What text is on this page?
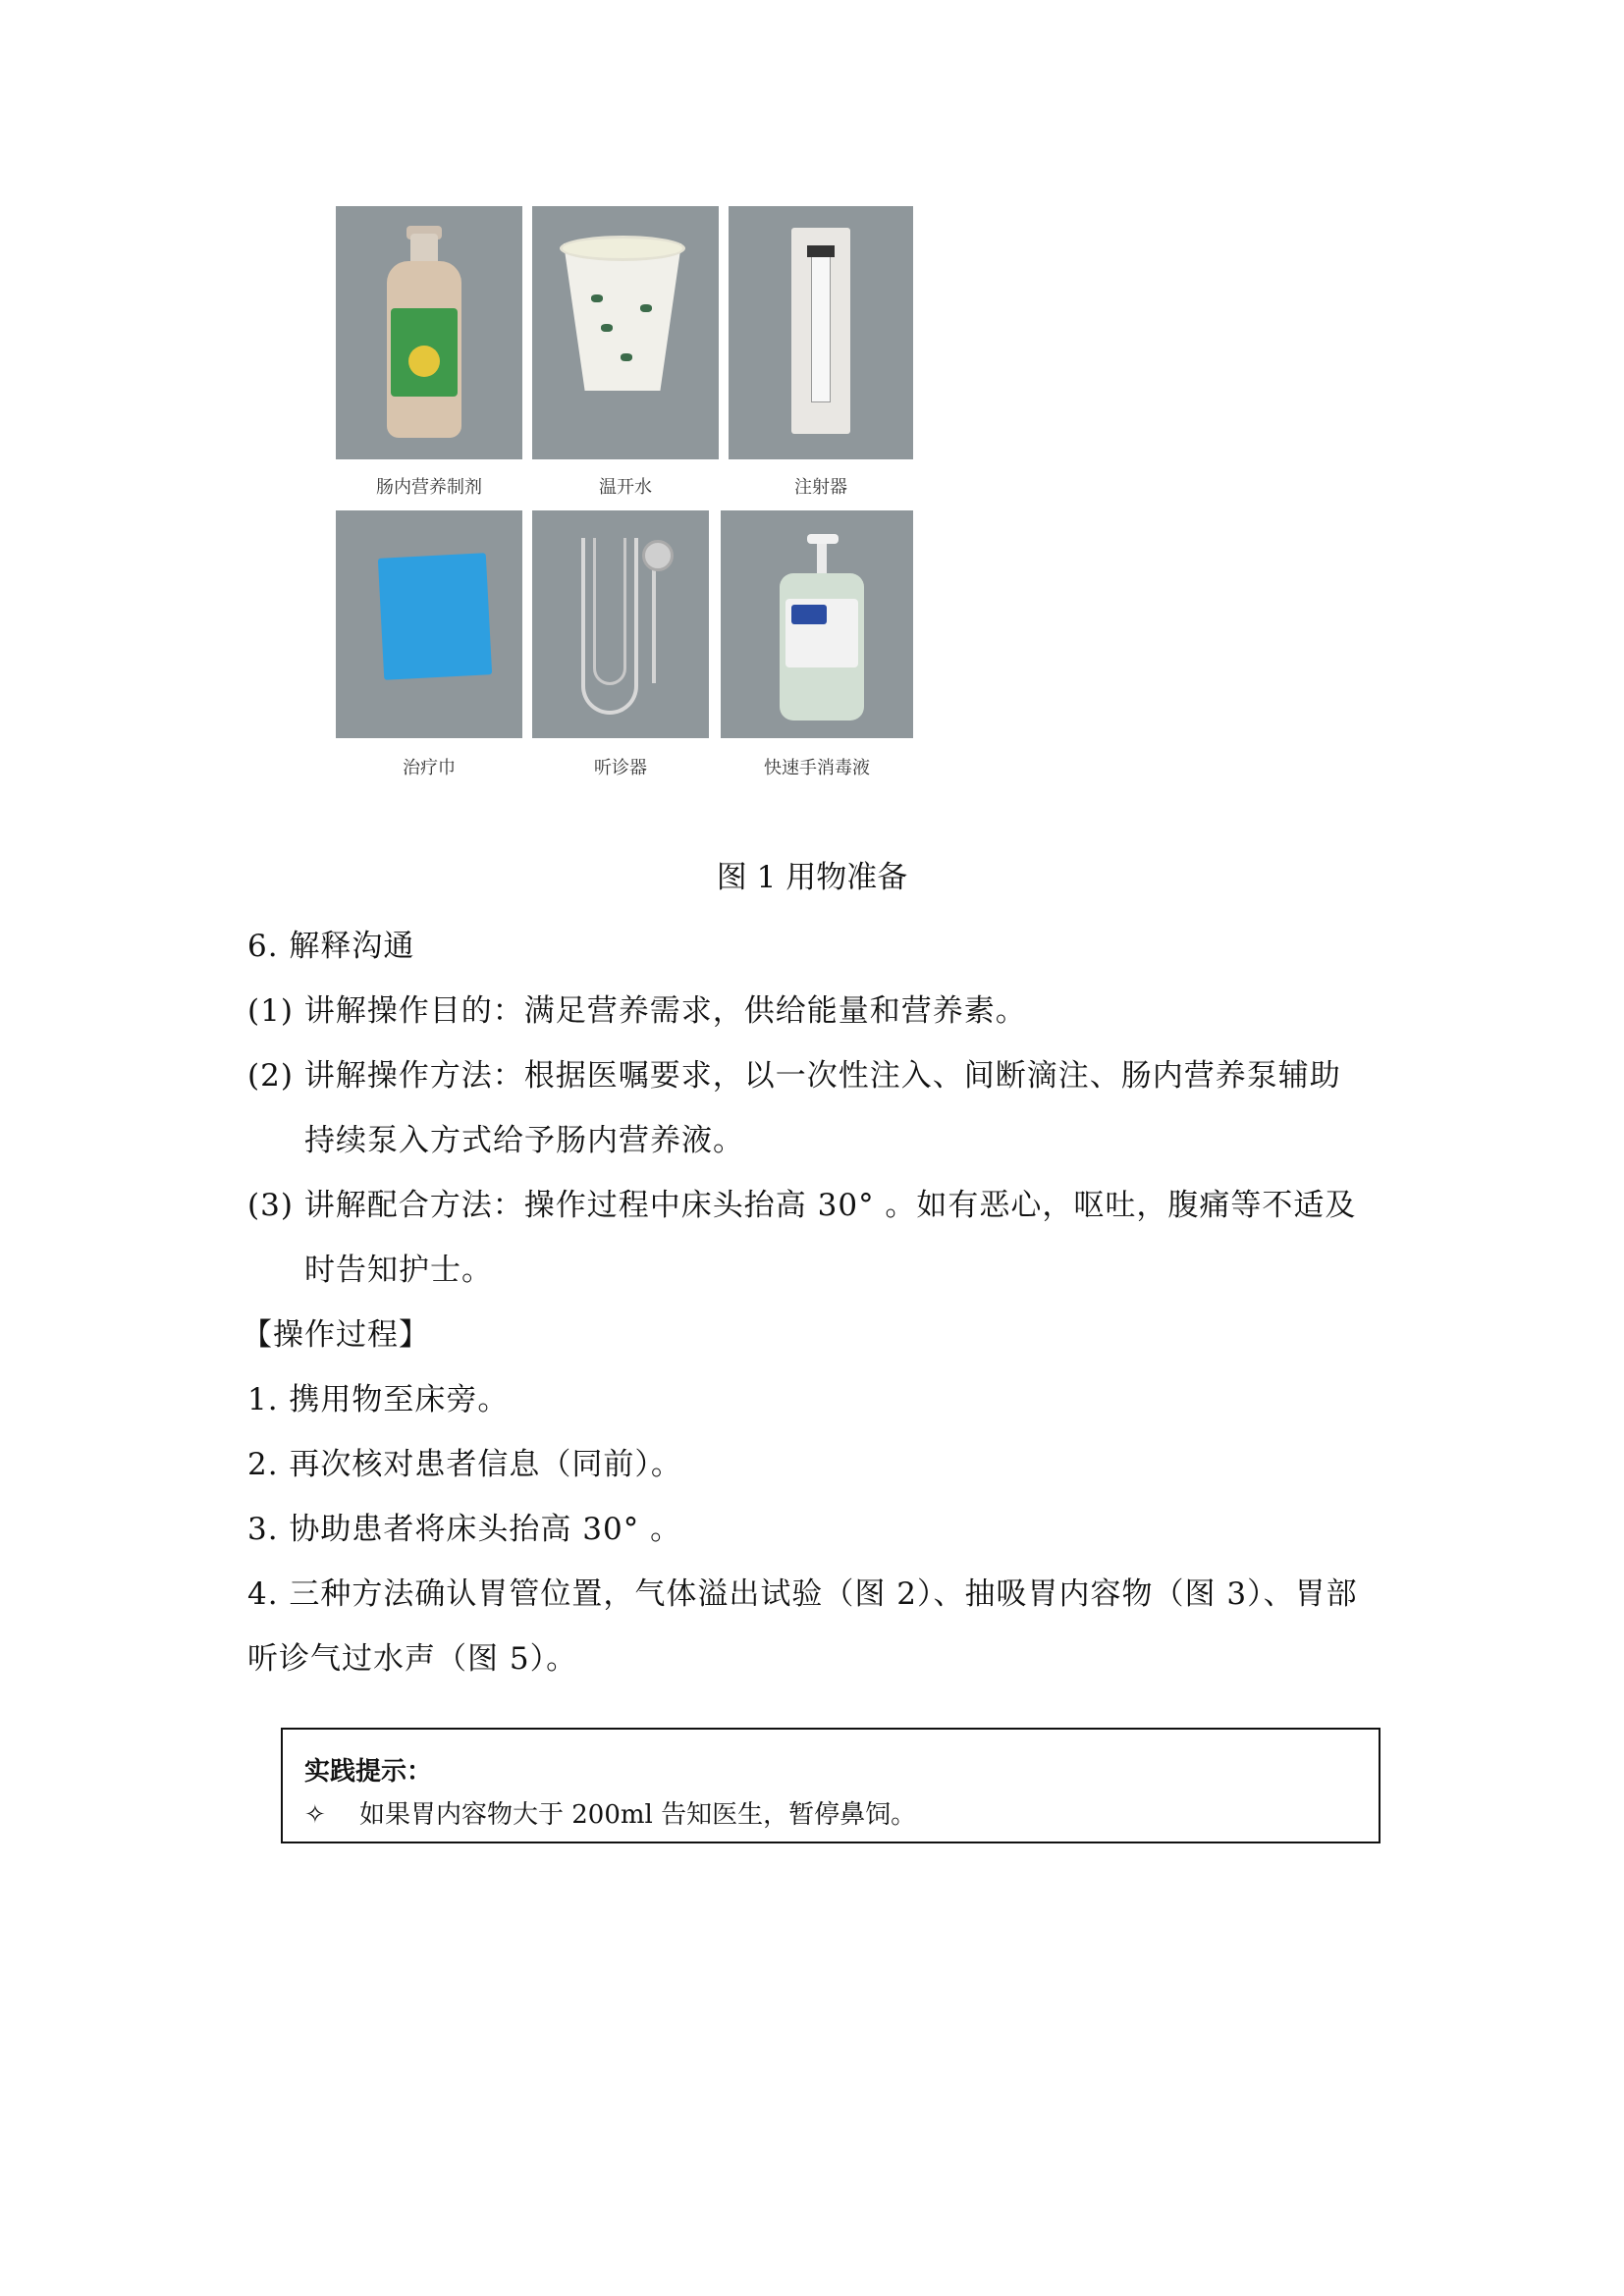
肠内营养制剂	温开水	注射器
治疗巾	听诊器	快速手消毒液
图 1 用物准备
6. 解释沟通
(1) 讲解操作目的：满足营养需求，供给能量和营养素。
(2) 讲解操作方法：根据医嘱要求，以一次性注入、间断滴注、肠内营养泵辅助
持续泵入方式给予肠内营养液。
(3) 讲解配合方法：操作过程中床头抬高 30° 。如有恶心，呕吐，腹痛等不适及
时告知护士。
【操作过程】
1. 携用物至床旁。
2. 再次核对患者信息（同前）。
3. 协助患者将床头抬高 30° 。
4. 三种方法确认胃管位置，气体溢出试验（图 2）、抽吸胃内容物（图 3）、胃部
听诊气过水声（图 5）。
实践提示：
✧ 如果胃内容物大于 200ml 告知医生，暂停鼻饲。
